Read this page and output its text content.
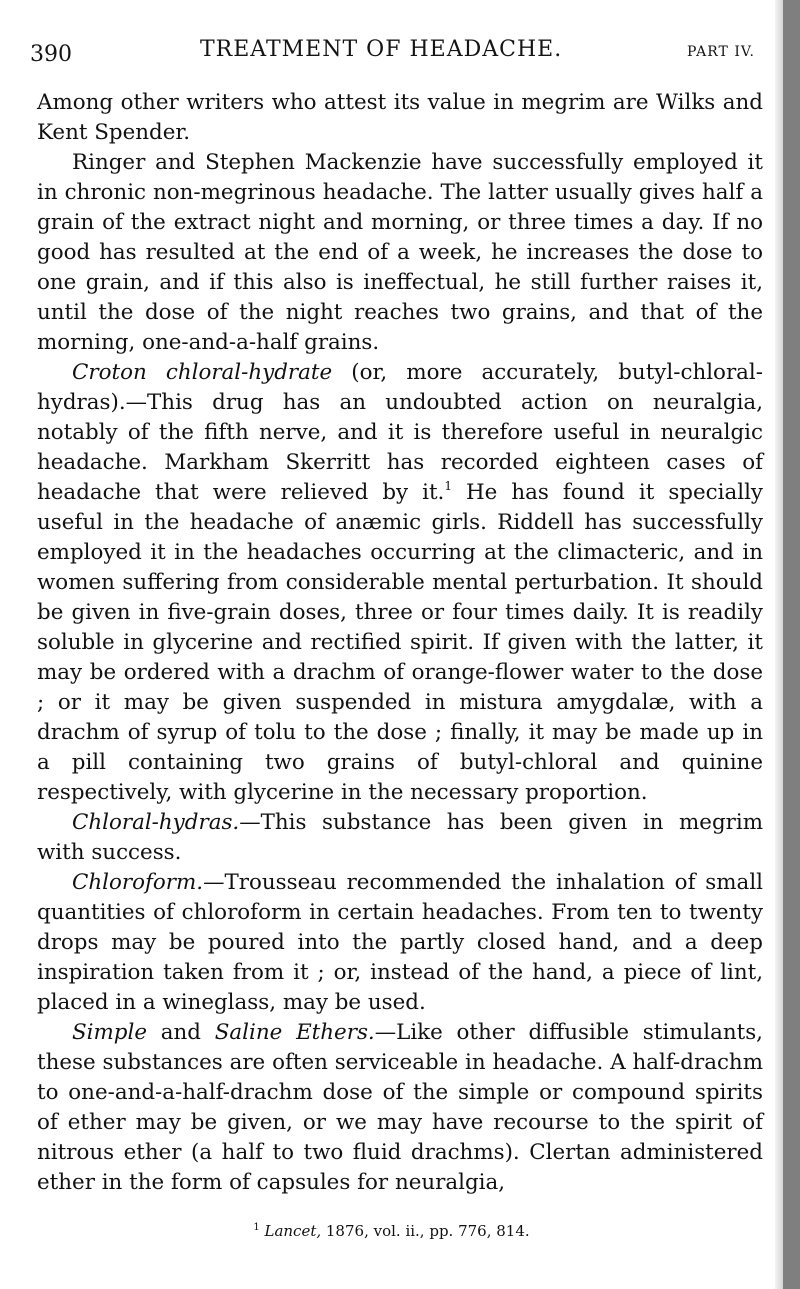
390	TREATMENT OF HEADACHE.	PART IV.

Among other writers who attest its value in megrim are Wilks and Kent Spender.

Ringer and Stephen Mackenzie have successfully employed it in chronic non-megrinous headache. The latter usually gives half a grain of the extract night and morning, or three times a day. If no good has resulted at the end of a week, he increases the dose to one grain, and if this also is ineffectual, he still further raises it, until the dose of the night reaches two grains, and that of the morning, one-and-a-half grains.

Croton chloral-hydrate (or, more accurately, butyl-chloral-hydras).—This drug has an undoubted action on neuralgia, notably of the fifth nerve, and it is therefore useful in neuralgic headache. Markham Skerritt has recorded eighteen cases of headache that were relieved by it.$^1$ He has found it specially useful in the headache of anæmic girls. Riddell has successfully employed it in the headaches occurring at the climacteric, and in women suffering from considerable mental perturbation. It should be given in five-grain doses, three or four times daily. It is readily soluble in glycerine and rectified spirit. If given with the latter, it may be ordered with a drachm of orange-flower water to the dose ; or it may be given suspended in mistura amygdalæ, with a drachm of syrup of tolu to the dose ; finally, it may be made up in a pill containing two grains of butyl-chloral and quinine respectively, with glycerine in the necessary proportion.

Chloral-hydras.—This substance has been given in megrim with success.

Chloroform.—Trousseau recommended the inhalation of small quantities of chloroform in certain headaches. From ten to twenty drops may be poured into the partly closed hand, and a deep inspiration taken from it ; or, instead of the hand, a piece of lint, placed in a wineglass, may be used.

Simple and Saline Ethers.—Like other diffusible stimulants, these substances are often serviceable in headache. A half-drachm to one-and-a-half-drachm dose of the simple or compound spirits of ether may be given, or we may have recourse to the spirit of nitrous ether (a half to two fluid drachms). Clertan administered ether in the form of capsules for neuralgia,

$^1$ Lancet, 1876, vol. ii., pp. 776, 814.
